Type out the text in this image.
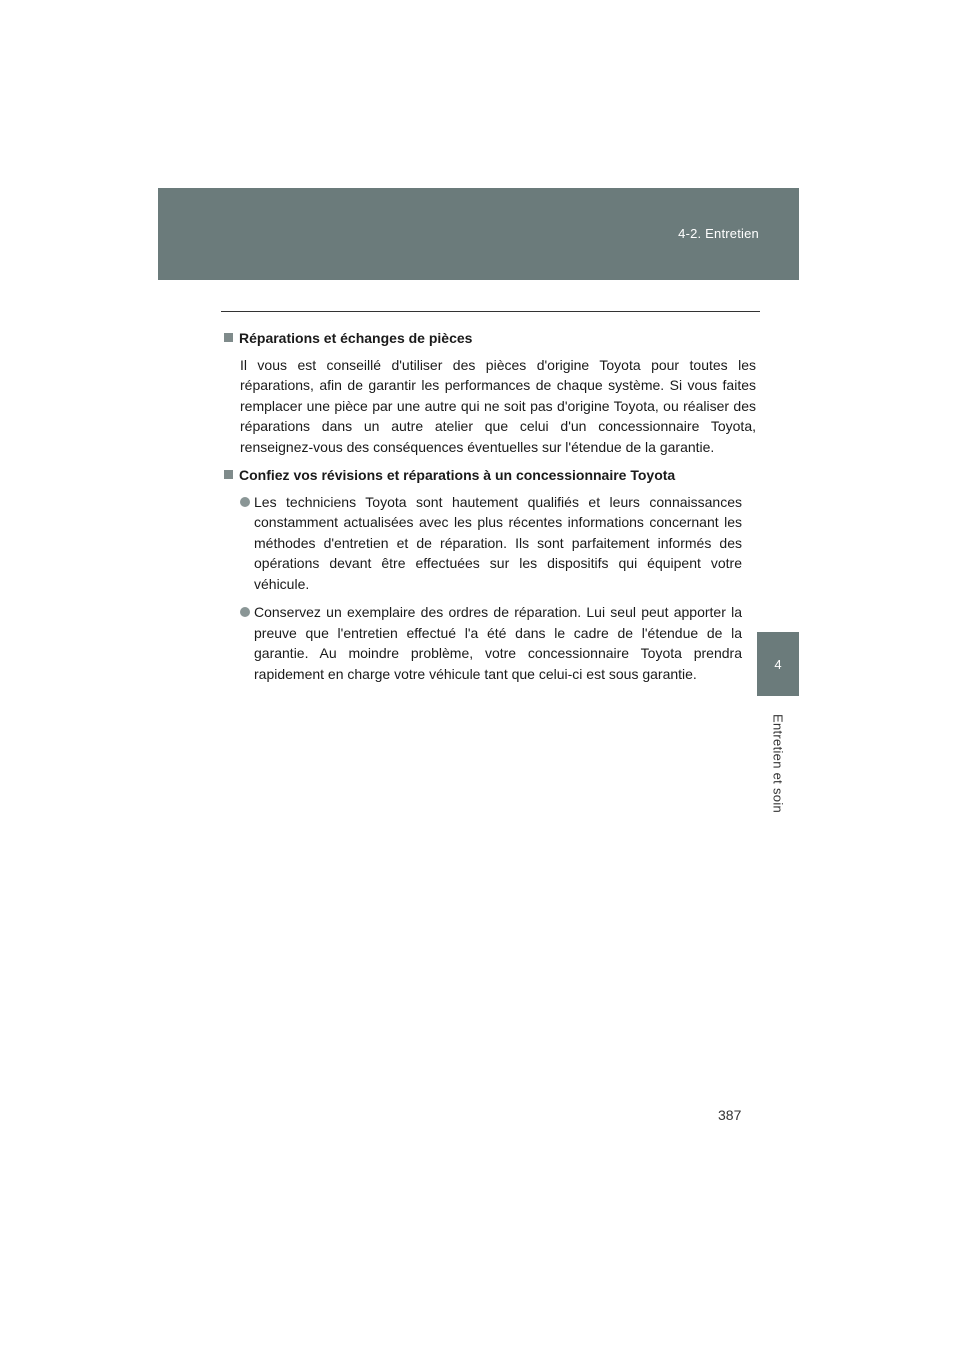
4-2. Entretien
4
Entretien et soin
Réparations et échanges de pièces

Il vous est conseillé d'utiliser des pièces d'origine Toyota pour toutes les réparations, afin de garantir les performances de chaque système. Si vous faites remplacer une pièce par une autre qui ne soit pas d'origine Toyota, ou réaliser des réparations dans un autre atelier que celui d'un concessionnaire Toyota, renseignez-vous des conséquences éventuelles sur l'étendue de la garantie.

Confiez vos révisions et réparations à un concessionnaire Toyota
Les techniciens Toyota sont hautement qualifiés et leurs connaissances constamment actualisées avec les plus récentes informations concernant les méthodes d'entretien et de réparation. Ils sont parfaitement informés des opérations devant être effectuées sur les dispositifs qui équipent votre véhicule.
Conservez un exemplaire des ordres de réparation. Lui seul peut apporter la preuve que l'entretien effectué l'a été dans le cadre de l'étendue de la garantie. Au moindre problème, votre concessionnaire Toyota prendra rapidement en charge votre véhicule tant que celui-ci est sous garantie.
387
